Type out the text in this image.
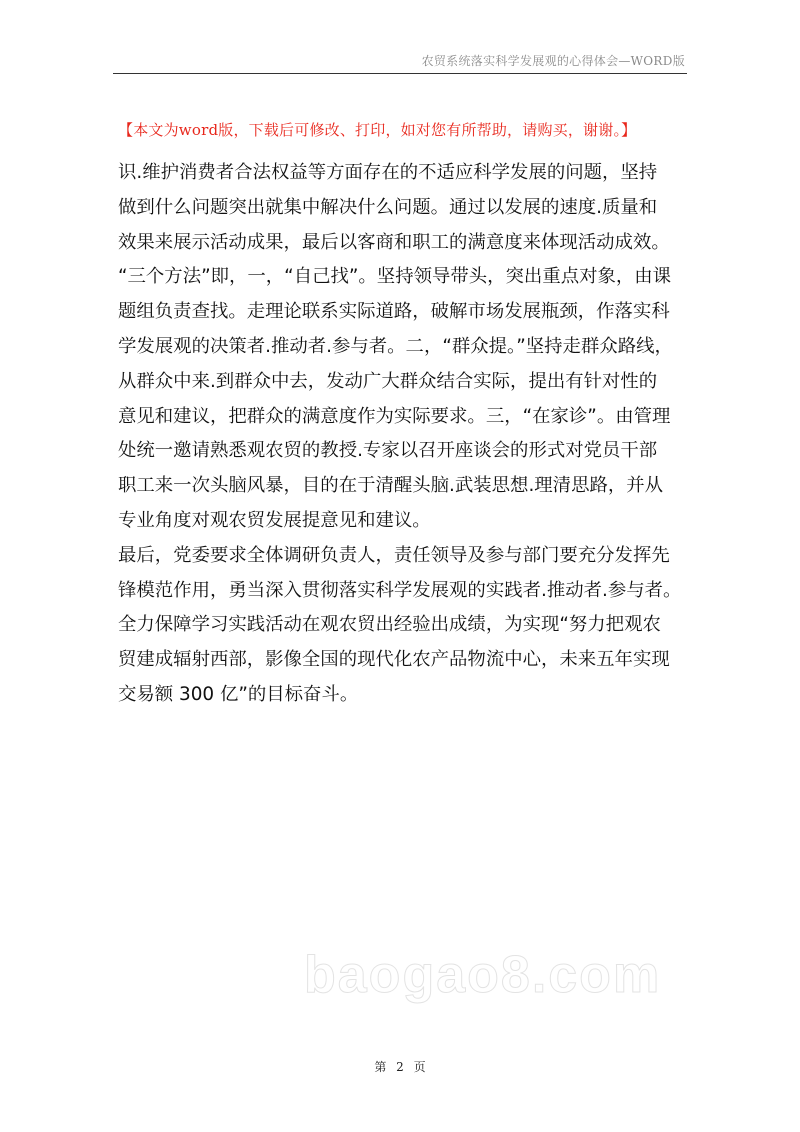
农贸系统落实科学发展观的心得体会—WORD版
【本文为word版，下载后可修改、打印，如对您有所帮助，请购买，谢谢。】
识.维护消费者合法权益等方面存在的不适应科学发展的问题，坚持
做到什么问题突出就集中解决什么问题。通过以发展的速度.质量和
效果来展示活动成果，最后以客商和职工的满意度来体现活动成效。
“三个方法”即，一，“自己找”。坚持领导带头，突出重点对象，由课
题组负责查找。走理论联系实际道路，破解市场发展瓶颈，作落实科
学发展观的决策者.推动者.参与者。二，“群众提。”坚持走群众路线，
从群众中来.到群众中去，发动广大群众结合实际，提出有针对性的
意见和建议，把群众的满意度作为实际要求。三，“在家诊”。由管理
处统一邀请熟悉观农贸的教授.专家以召开座谈会的形式对党员干部
职工来一次头脑风暴，目的在于清醒头脑.武装思想.理清思路，并从
专业角度对观农贸发展提意见和建议。
最后，党委要求全体调研负责人，责任领导及参与部门要充分发挥先
锋模范作用，勇当深入贯彻落实科学发展观的实践者.推动者.参与者。
全力保障学习实践活动在观农贸出经验出成绩，为实现“努力把观农
贸建成辐射西部，影像全国的现代化农产品物流中心，未来五年实现
交易额 300 亿”的目标奋斗。
baogao8.com
第 2 页
